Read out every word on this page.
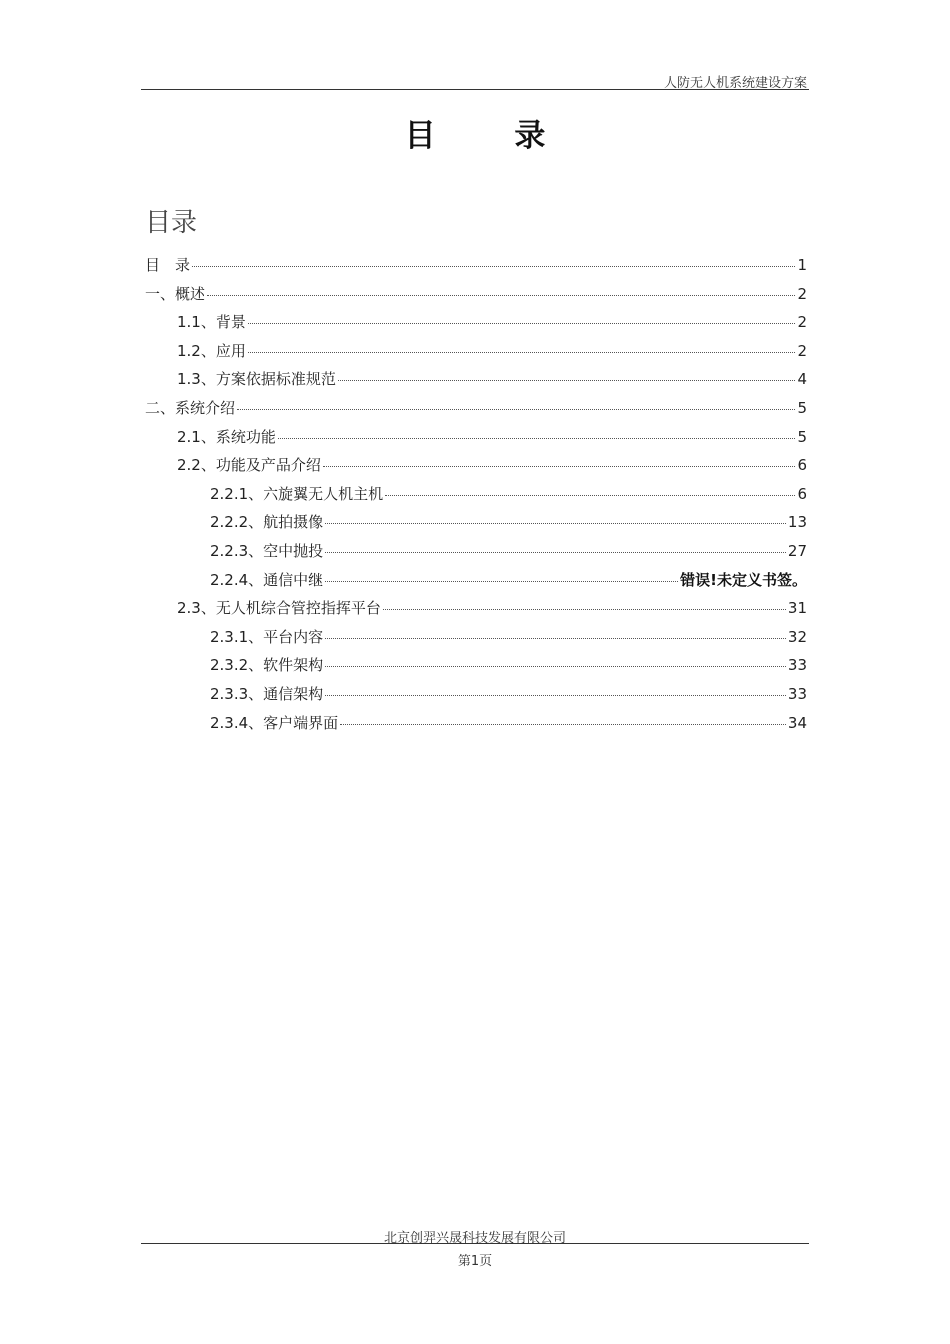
人防无人机系统建设方案
目 录
目录
目　录	1
一、概述	2
1.1、背景	2
1.2、应用	2
1.3、方案依据标准规范	4
二、系统介绍	5
2.1、系统功能	5
2.2、功能及产品介绍	6
2.2.1、六旋翼无人机主机	6
2.2.2、航拍摄像	13
2.2.3、空中抛投	27
2.2.4、通信中继	错误!未定义书签。
2.3、无人机综合管控指挥平台	31
2.3.1、平台内容	32
2.3.2、软件架构	33
2.3.3、通信架构	33
2.3.4、客户端界面	34
北京创羿兴晟科技发展有限公司
第1页
